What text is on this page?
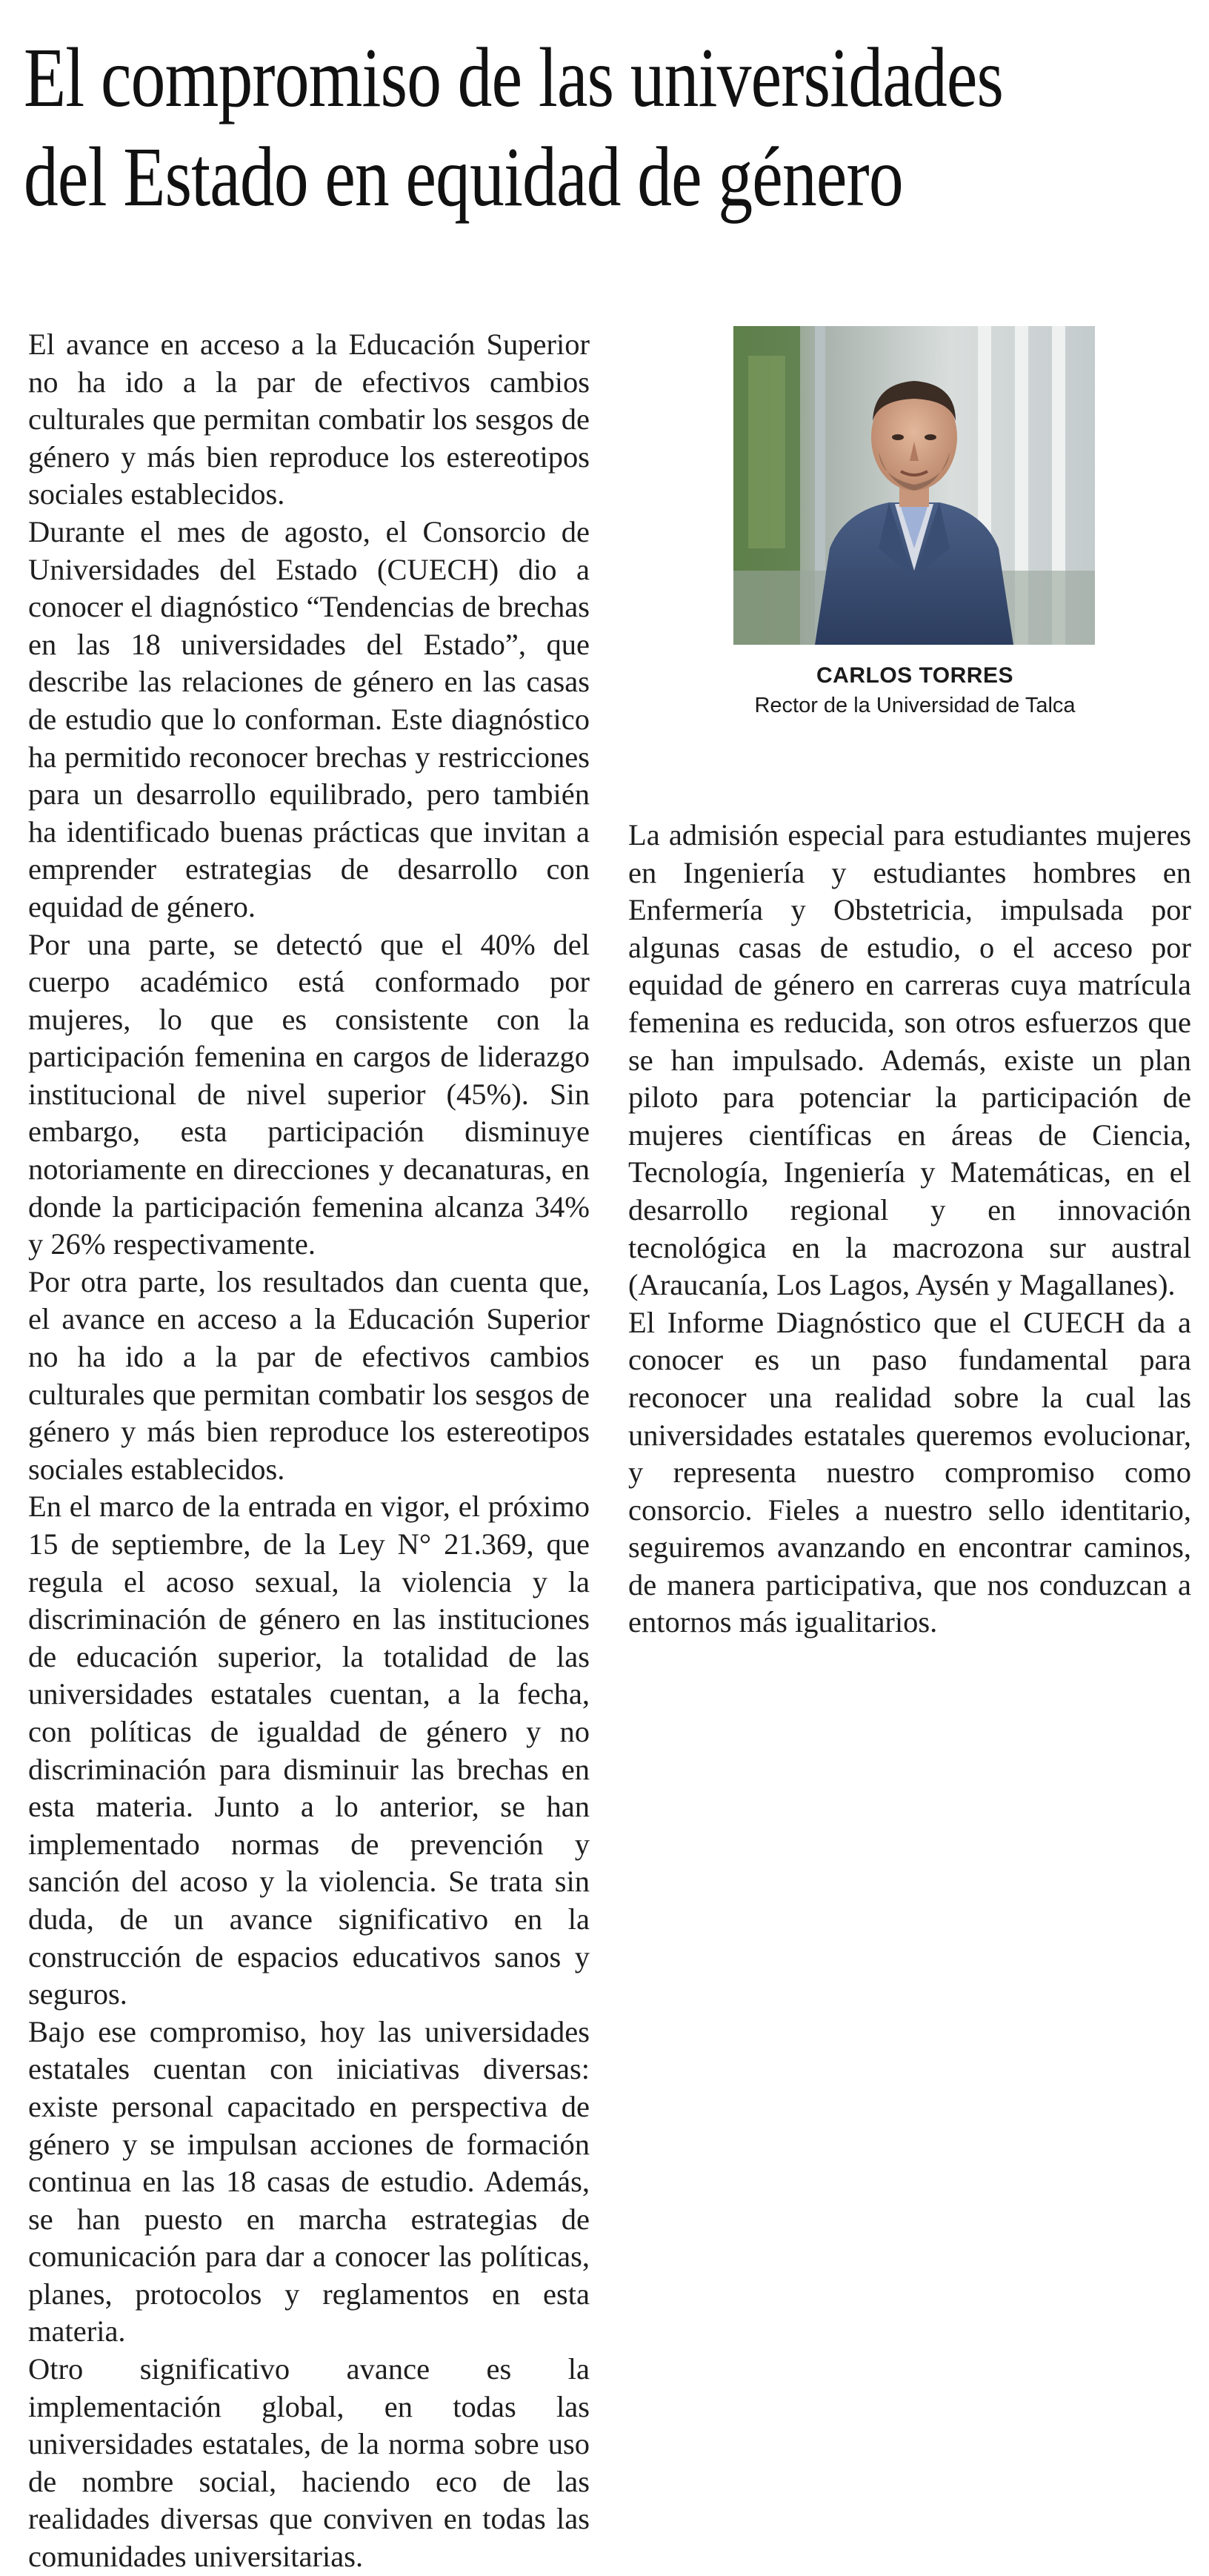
El compromiso de las universidades
del Estado en equidad de género

El avance en acceso a la Educación Superior no ha ido a la par de efectivos cambios culturales que permitan combatir los sesgos de género y más bien reproduce los estereotipos sociales establecidos.

Durante el mes de agosto, el Consorcio de Universidades del Estado (CUECH) dio a conocer el diagnóstico “Tendencias de brechas en las 18 universidades del Estado”, que describe las relaciones de género en las casas de estudio que lo conforman. Este diagnóstico ha permitido reconocer brechas y restricciones para un desarrollo equilibrado, pero también ha identificado buenas prácticas que invitan a emprender estrategias de desarrollo con equidad de género.

Por una parte, se detectó que el 40% del cuerpo académico está conformado por mujeres, lo que es consistente con la participación femenina en cargos de liderazgo institucional de nivel superior (45%). Sin embargo, esta participación disminuye notoriamente en direcciones y decanaturas, en donde la participación femenina alcanza 34% y 26% respectivamente.

Por otra parte, los resultados dan cuenta que, el avance en acceso a la Educación Superior no ha ido a la par de efectivos cambios culturales que permitan combatir los sesgos de género y más bien reproduce los estereotipos sociales establecidos.

En el marco de la entrada en vigor, el próximo 15 de septiembre, de la Ley N° 21.369, que regula el acoso sexual, la violencia y la discriminación de género en las instituciones de educación superior, la totalidad de las universidades estatales cuentan, a la fecha, con políticas de igualdad de género y no discriminación para disminuir las brechas en esta materia. Junto a lo anterior, se han implementado normas de prevención y sanción del acoso y la violencia. Se trata sin duda, de un avance significativo en la construcción de espacios educativos sanos y seguros.

Bajo ese compromiso, hoy las universidades estatales cuentan con iniciativas diversas: existe personal capacitado en perspectiva de género y se impulsan acciones de formación continua en las 18 casas de estudio. Además, se han puesto en marcha estrategias de comunicación para dar a conocer las políticas, planes, protocolos y reglamentos en esta materia.

Otro significativo avance es la implementación global, en todas las universidades estatales, de la norma sobre uso de nombre social, haciendo eco de las realidades diversas que conviven en todas las comunidades universitarias.

CARLOS TORRES
Rector de la Universidad de Talca

La admisión especial para estudiantes mujeres en Ingeniería y estudiantes hombres en Enfermería y Obstetricia, impulsada por algunas casas de estudio, o el acceso por equidad de género en carreras cuya matrícula femenina es reducida, son otros esfuerzos que se han impulsado. Además, existe un plan piloto para potenciar la participación de mujeres científicas en áreas de Ciencia, Tecnología, Ingeniería y Matemáticas, en el desarrollo regional y en innovación tecnológica en la macrozona sur austral (Araucanía, Los Lagos, Aysén y Magallanes).

El Informe Diagnóstico que el CUECH da a conocer es un paso fundamental para reconocer una realidad sobre la cual las universidades estatales queremos evolucionar, y representa nuestro compromiso como consorcio. Fieles a nuestro sello identitario, seguiremos avanzando en encontrar caminos, de manera participativa, que nos conduzcan a entornos más igualitarios.
